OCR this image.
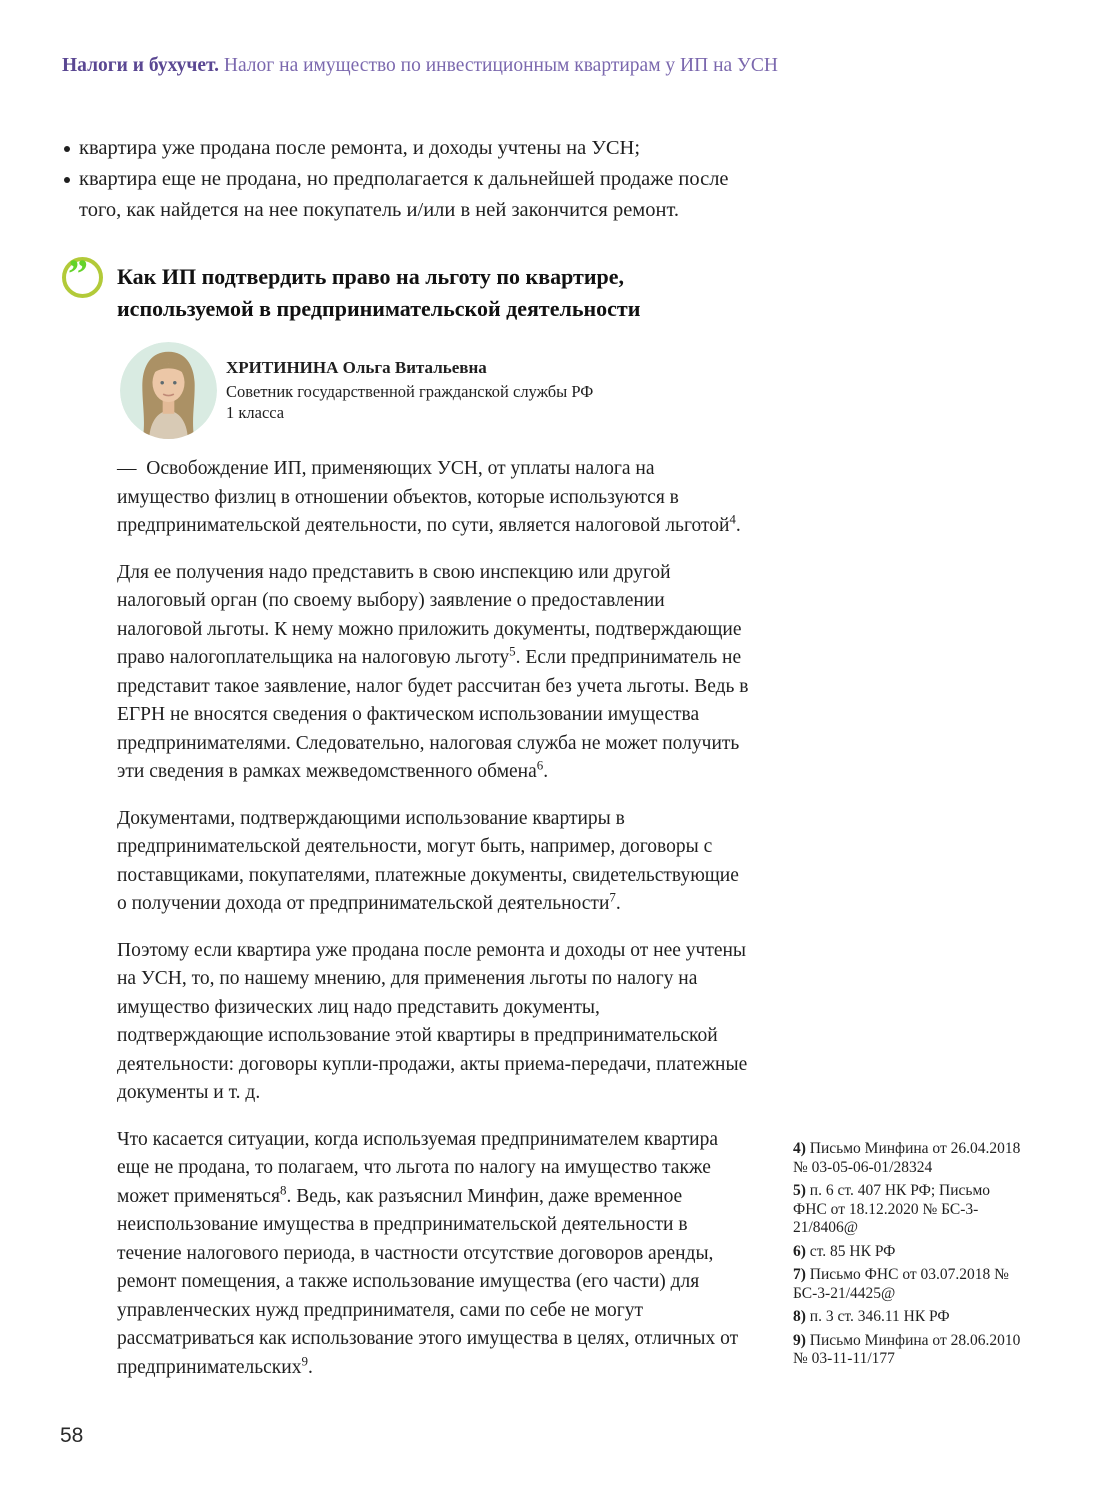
Налоги и бухучет. Налог на имущество по инвестиционным квартирам у ИП на УСН
квартира уже продана после ремонта, и доходы учтены на УСН;
квартира еще не продана, но предполагается к дальнейшей продаже после того, как найдется на нее покупатель и/или в ней закончится ремонт.
” Как ИП подтвердить право на льготу по квартире, используемой в предпринимательской деятельности
ХРИТИНИНА Ольга Витальевна
Советник государственной гражданской службы РФ
1 класса

— Освобождение ИП, применяющих УСН, от уплаты налога на имущество физлиц в отношении объектов, которые используются в предпринимательской деятельности, по сути, является налоговой льготой$^4$.

Для ее получения надо представить в свою инспекцию или другой налоговый орган (по своему выбору) заявление о предоставлении налоговой льготы. К нему можно приложить документы, подтверждающие право налогоплательщика на налоговую льготу$^5$. Если предприниматель не представит такое заявление, налог будет рассчитан без учета льготы. Ведь в ЕГРН не вносятся сведения о фактическом использовании имущества предпринимателями. Следовательно, налоговая служба не может получить эти сведения в рамках межведомственного обмена$^6$.

Документами, подтверждающими использование квартиры в предпринимательской деятельности, могут быть, например, договоры с поставщиками, покупателями, платежные документы, свидетельствующие о получении дохода от предпринимательской деятельности$^7$.

Поэтому если квартира уже продана после ремонта и доходы от нее учтены на УСН, то, по нашему мнению, для применения льготы по налогу на имущество физических лиц надо представить документы, подтверждающие использование этой квартиры в предпринимательской деятельности: договоры купли-продажи, акты приема-передачи, платежные документы и т. д.

Что касается ситуации, когда используемая предпринимателем квартира еще не продана, то полагаем, что льгота по налогу на имущество также может применяться$^8$. Ведь, как разъяснил Минфин, даже временное неиспользование имущества в предпринимательской деятельности в течение налогового периода, в частности отсутствие договоров аренды, ремонт помещения, а также использование имущества (его части) для управленческих нужд предпринимателя, сами по себе не могут рассматриваться как использование этого имущества в целях, отличных от предпринимательских$^9$.

4) Письмо Минфина от 26.04.2018 № 03-05-06-01/28324
5) п. 6 ст. 407 НК РФ; Письмо ФНС от 18.12.2020 № БС-3-21/8406@
6) ст. 85 НК РФ
7) Письмо ФНС от 03.07.2018 № БС-3-21/4425@
8) п. 3 ст. 346.11 НК РФ
9) Письмо Минфина от 28.06.2010 № 03-11-11/177
58
